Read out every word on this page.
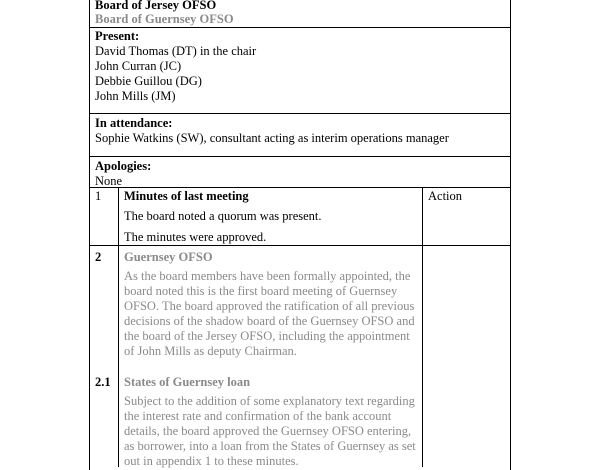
Board of Jersey OFSO
Board of Guernsey OFSO
Present:
David Thomas (DT) in the chair
John Curran (JC)
Debbie Guillou (DG)
John Mills (JM)
In attendance:
Sophie Watkins (SW), consultant acting as interim operations manager
Apologies:
None
1 Minutes of last meeting	Action
The board noted a quorum was present.
The minutes were approved.
2 Guernsey OFSO
As the board members have been formally appointed, the board noted this is the first board meeting of Guernsey OFSO. The board approved the ratification of all previous decisions of the shadow board of the Guernsey OFSO and the board of the Jersey OFSO, including the appointment of John Mills as deputy Chairman.
2.1 States of Guernsey loan
Subject to the addition of some explanatory text regarding the interest rate and confirmation of the bank account details, the board approved the Guernsey OFSO entering, as borrower, into a loan from the States of Guernsey as set out in appendix 1 to these minutes.
